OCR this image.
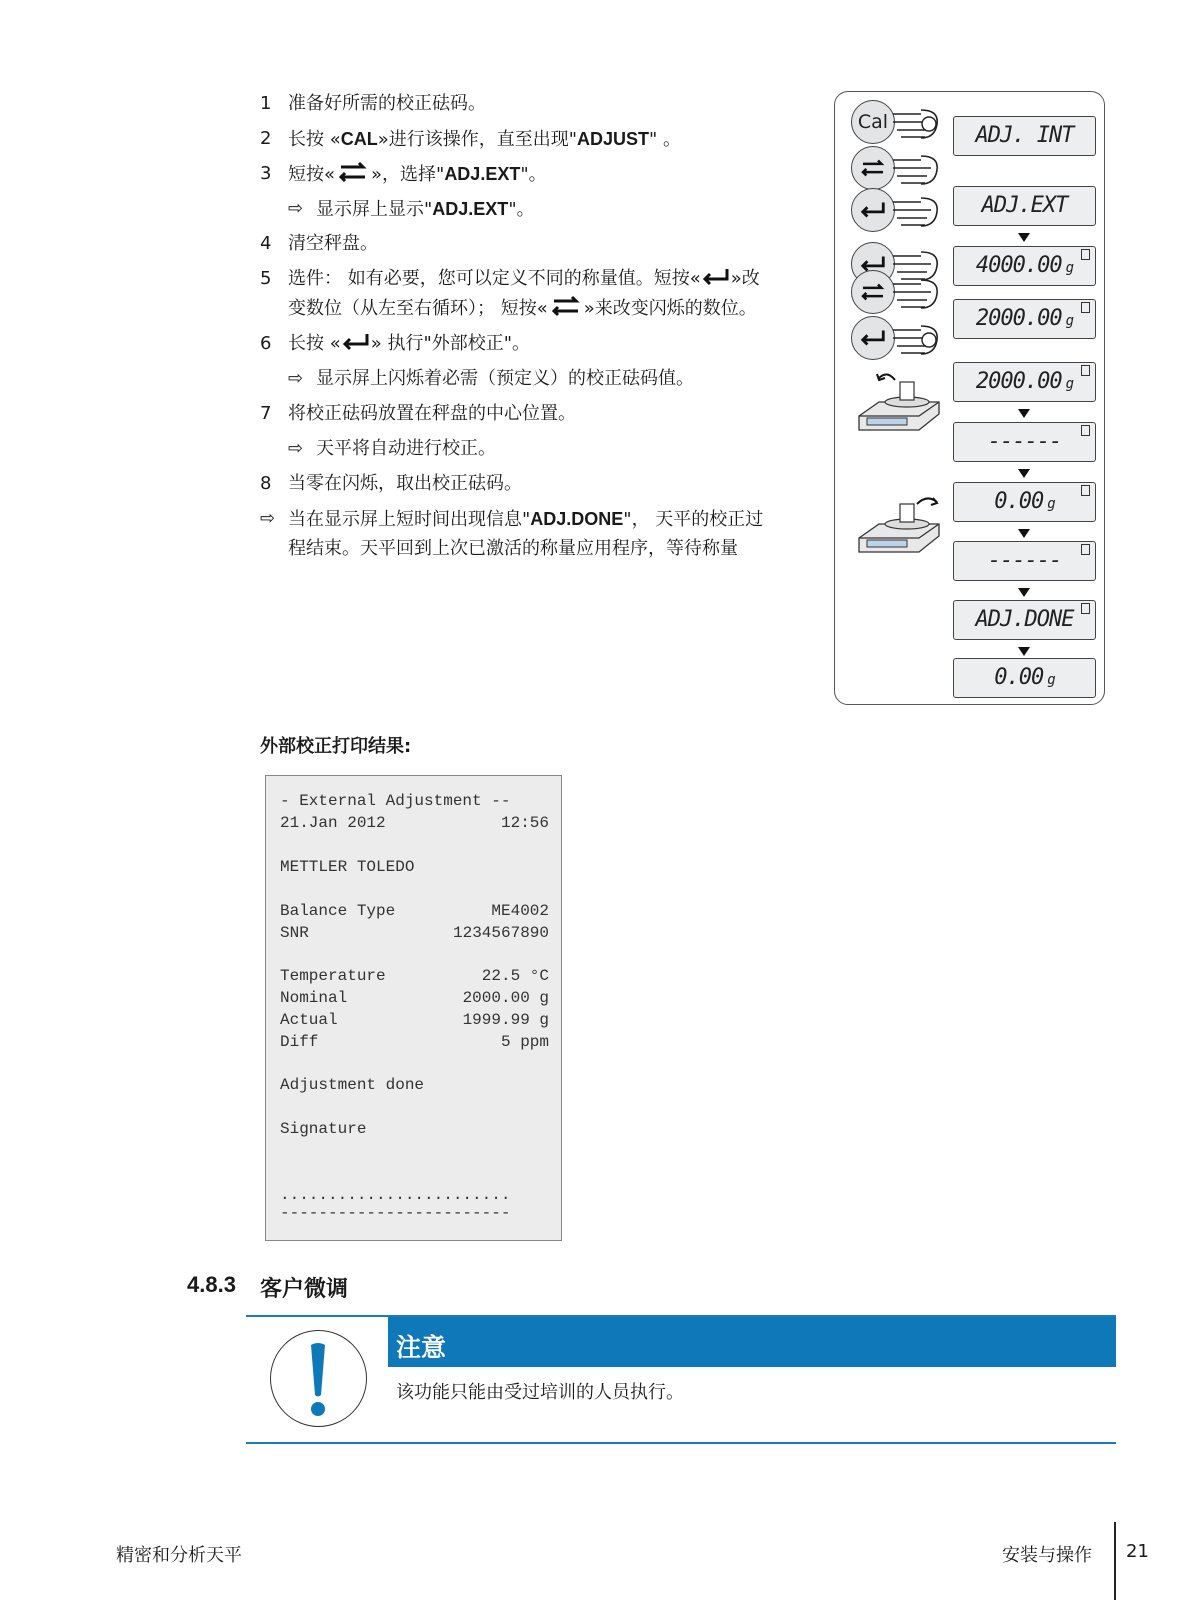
1 准备好所需的校正砝码。
2 长按 «CAL»进行该操作，直至出现"ADJUST" 。
3 短按« »，选择"ADJ.EXT"。
⇨ 显示屏上显示"ADJ.EXT"。
4 清空秤盘。
5 选件： 如有必要，您可以定义不同的称量值。短按« »改
变数位（从左至右循环）； 短按« »来改变闪烁的数位。
6 长按 « » 执行"外部校正"。
⇨ 显示屏上闪烁着必需（预定义）的校正砝码值。
7 将校正砝码放置在秤盘的中心位置。
⇨ 天平将自动进行校正。
8 当零在闪烁，取出校正砝码。
⇨ 当在显示屏上短时间出现信息"ADJ.DONE"， 天平的校正过
程结束。天平回到上次已激活的称量应用程序，等待称量
Cal
ADJ. INT
ADJ.EXT
4000.00 g
2000.00 g
2000.00 g
------
0.00 g
------
ADJ.DONE
0.00 g
外部校正打印结果:
- External Adjustment --
21.Jan 2012	12:56
METTLER TOLEDO
Balance Type	ME4002
SNR	1234567890
Temperature	22.5 °C
Nominal	2000.00 g
Actual	1999.99 g
Diff	5 ppm
Adjustment done
Signature
........................
------------------------
4.8.3 客户微调
注意
该功能只能由受过培训的人员执行。
精密和分析天平	安装与操作 21
